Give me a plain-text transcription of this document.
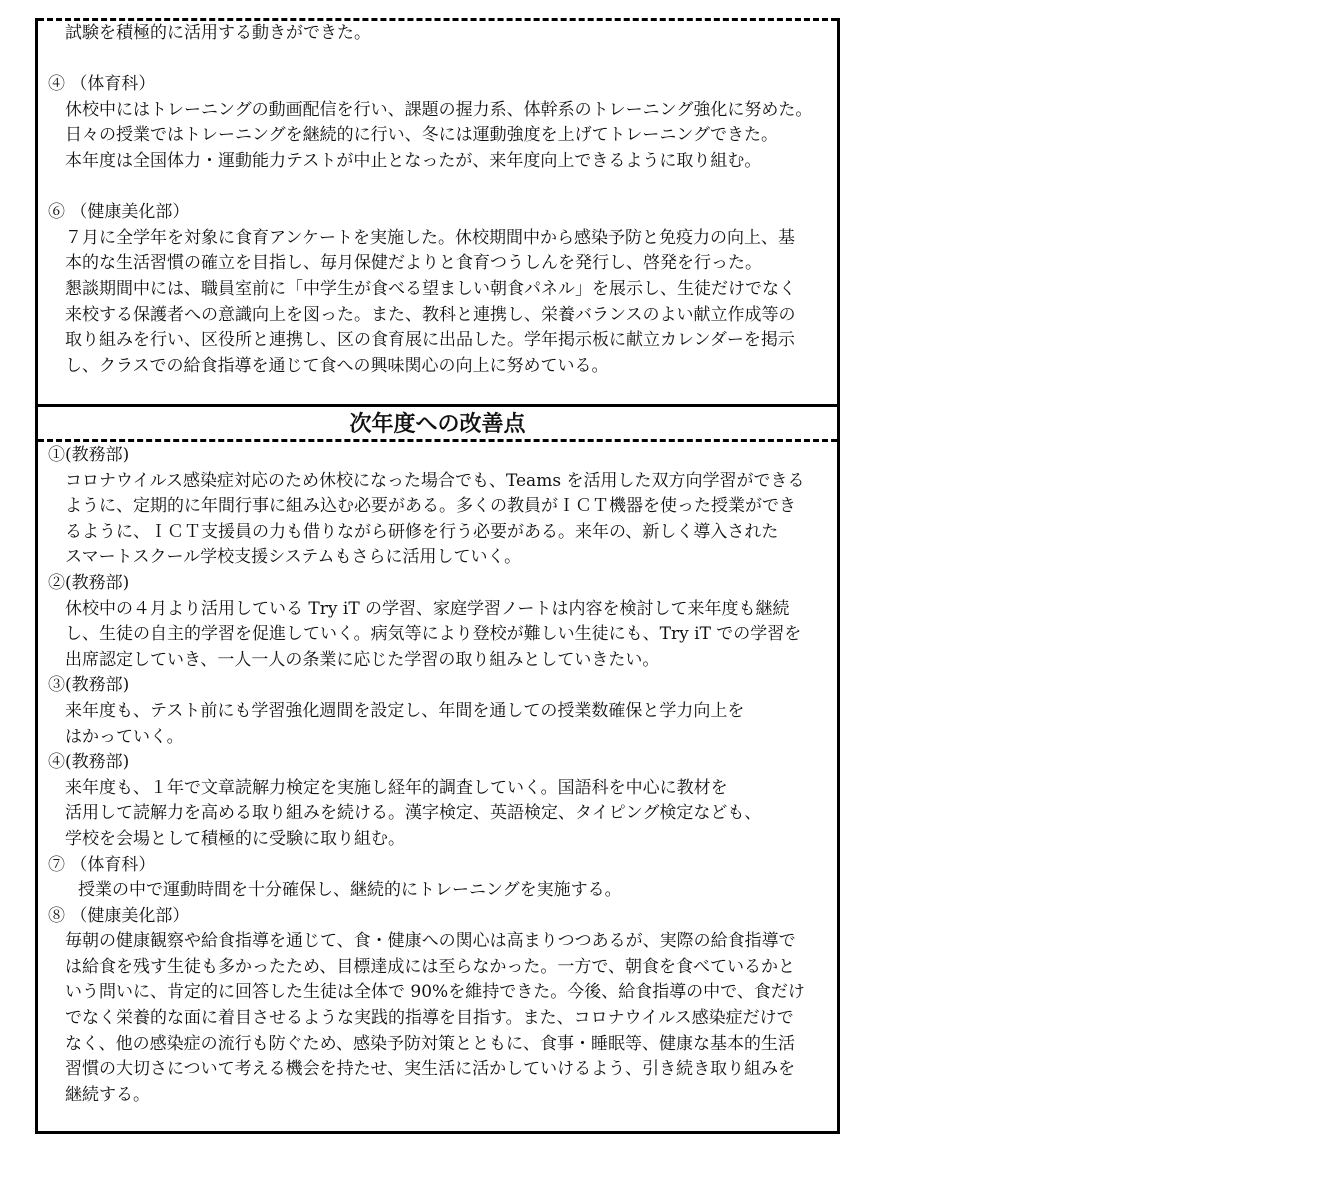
試験を積極的に活用する動きができた。
④ （体育科）
休校中にはトレーニングの動画配信を行い、課題の握力系、体幹系のトレーニング強化に努めた。
日々の授業ではトレーニングを継続的に行い、冬には運動強度を上げてトレーニングできた。
本年度は全国体力・運動能力テストが中止となったが、来年度向上できるように取り組む。
⑥ （健康美化部）
７月に全学年を対象に食育アンケートを実施した。休校期間中から感染予防と免疫力の向上、基
本的な生活習慣の確立を目指し、毎月保健だよりと食育つうしんを発行し、啓発を行った。
懇談期間中には、職員室前に「中学生が食べる望ましい朝食パネル」を展示し、生徒だけでなく
来校する保護者への意識向上を図った。また、教科と連携し、栄養バランスのよい献立作成等の
取り組みを行い、区役所と連携し、区の食育展に出品した。学年掲示板に献立カレンダーを掲示
し、クラスでの給食指導を通じて食への興味関心の向上に努めている。
次年度への改善点
①(教務部)
コロナウイルス感染症対応のため休校になった場合でも、Teams を活用した双方向学習ができる
ように、定期的に年間行事に組み込む必要がある。多くの教員がＩＣＴ機器を使った授業ができ
るように、ＩＣＴ支援員の力も借りながら研修を行う必要がある。来年の、新しく導入された
スマートスクール学校支援システムもさらに活用していく。
②(教務部)
休校中の４月より活用している Try iT の学習、家庭学習ノートは内容を検討して来年度も継続
し、生徒の自主的学習を促進していく。病気等により登校が難しい生徒にも、Try iT での学習を
出席認定していき、一人一人の条業に応じた学習の取り組みとしていきたい。
③(教務部)
来年度も、テスト前にも学習強化週間を設定し、年間を通しての授業数確保と学力向上を
はかっていく。
④(教務部)
来年度も、１年で文章読解力検定を実施し経年的調査していく。国語科を中心に教材を
活用して読解力を高める取り組みを続ける。漢字検定、英語検定、タイピング検定なども、
学校を会場として積極的に受験に取り組む。
⑦ （体育科）
授業の中で運動時間を十分確保し、継続的にトレーニングを実施する。
⑧ （健康美化部）
毎朝の健康観察や給食指導を通じて、食・健康への関心は高まりつつあるが、実際の給食指導で
は給食を残す生徒も多かったため、目標達成には至らなかった。一方で、朝食を食べているかと
いう問いに、肯定的に回答した生徒は全体で 90%を維持できた。今後、給食指導の中で、食だけ
でなく栄養的な面に着目させるような実践的指導を目指す。また、コロナウイルス感染症だけで
なく、他の感染症の流行も防ぐため、感染予防対策とともに、食事・睡眠等、健康な基本的生活
習慣の大切さについて考える機会を持たせ、実生活に活かしていけるよう、引き続き取り組みを
継続する。
